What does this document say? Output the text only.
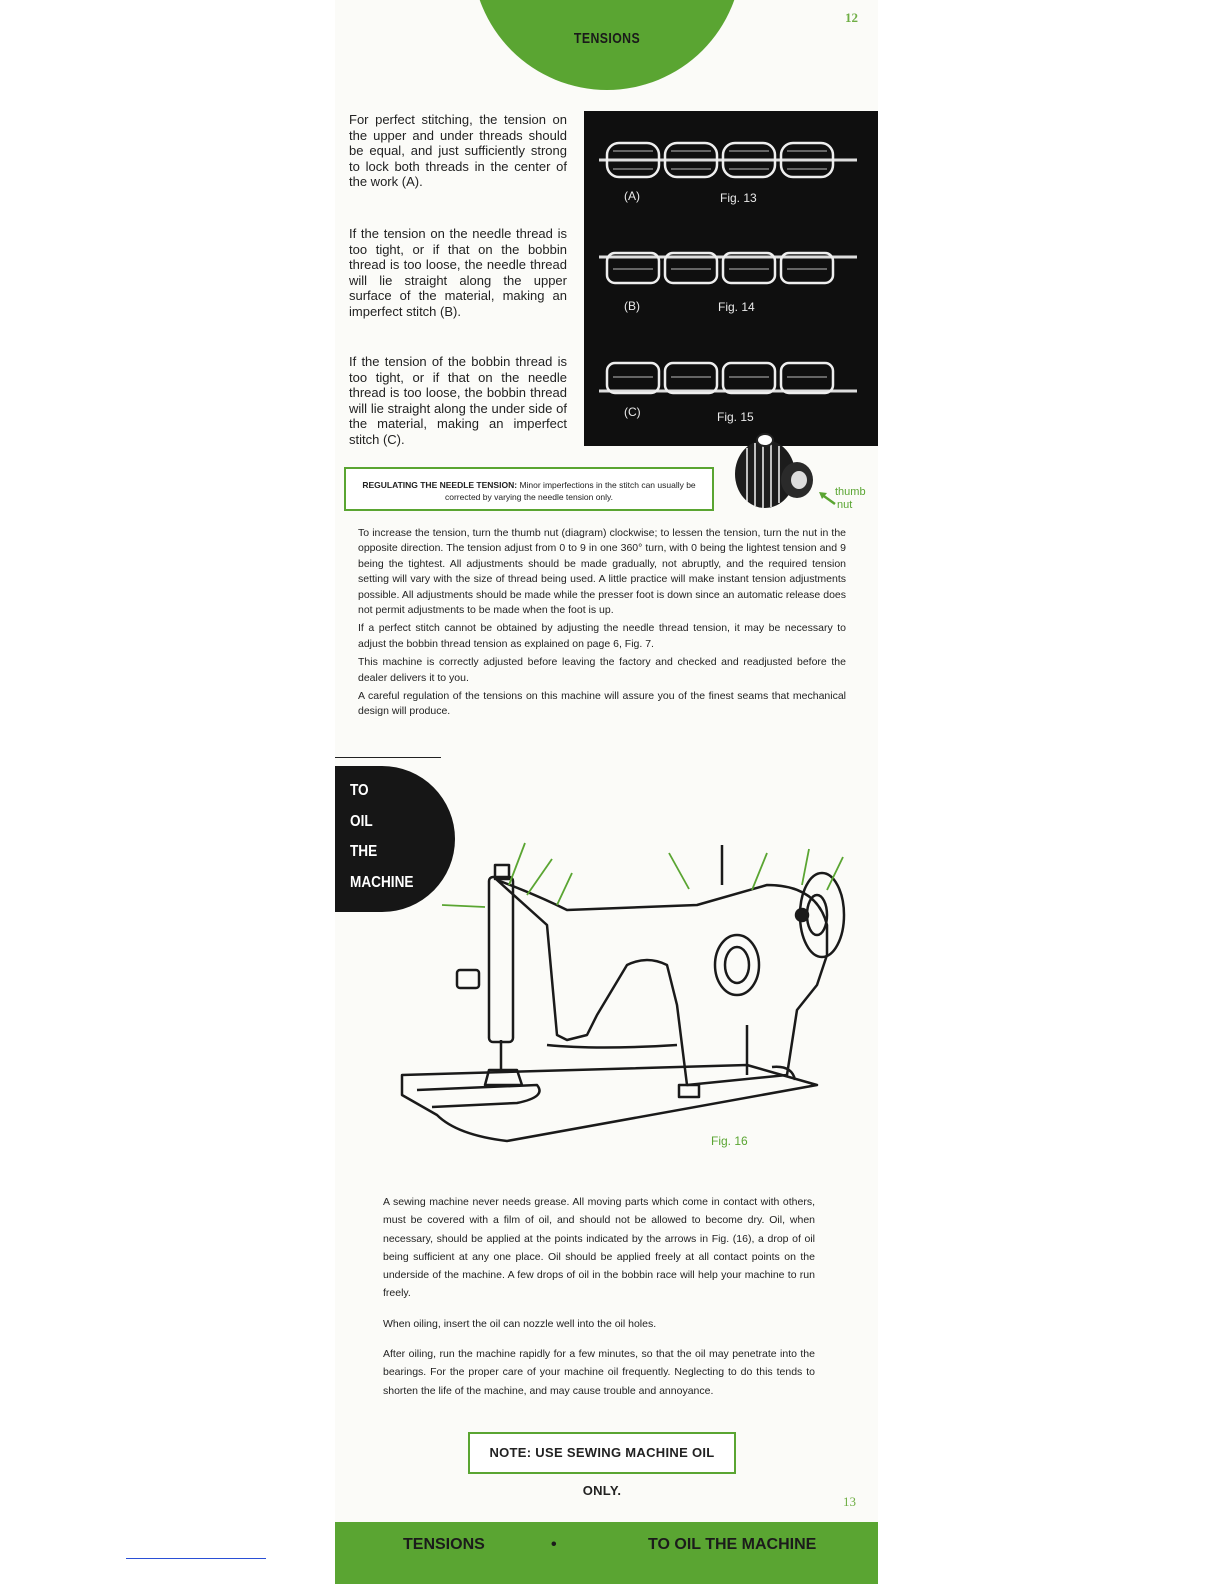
TENSIONS
12
For perfect stitching, the tension on the upper and under threads should be equal, and just sufficiently strong to lock both threads in the center of the work (A).
If the tension on the needle thread is too tight, or if that on the bobbin thread is too loose, the needle thread will lie straight along the upper surface of the material, making an imperfect stitch (B).
If the tension of the bobbin thread is too tight, or if that on the needle thread is too loose, the bobbin thread will lie straight along the under side of the material, making an imperfect stitch (C).
(A)	Fig. 13
(B)	Fig. 14
(C)	Fig. 15
REGULATING THE NEEDLE TENSION: Minor imperfections in the stitch can usually be corrected by varying the needle tension only.	thumb
nut

To increase the tension, turn the thumb nut (diagram) clockwise; to lessen the tension, turn the nut in the opposite direction. The tension adjust from 0 to 9 in one 360° turn, with 0 being the lightest tension and 9 being the tightest. All adjustments should be made gradually, not abruptly, and the required tension setting will vary with the size of thread being used. A little practice will make instant tension adjustments possible. All adjustments should be made while the presser foot is down since an automatic release does not permit adjustments to be made when the foot is up.

If a perfect stitch cannot be obtained by adjusting the needle thread tension, it may be necessary to adjust the bobbin thread tension as explained on page 6, Fig. 7.

This machine is correctly adjusted before leaving the factory and checked and readjusted before the dealer delivers it to you.

A careful regulation of the tensions on this machine will assure you of the finest seams that mechanical design will produce.

TO
OIL
THE
MACHINE
Fig. 16

A sewing machine never needs grease. All moving parts which come in contact with others, must be covered with a film of oil, and should not be allowed to become dry. Oil, when necessary, should be applied at the points indicated by the arrows in Fig. (16), a drop of oil being sufficient at any one place. Oil should be applied freely at all contact points on the underside of the machine. A few drops of oil in the bobbin race will help your machine to run freely.

When oiling, insert the oil can nozzle well into the oil holes.

After oiling, run the machine rapidly for a few minutes, so that the oil may penetrate into the bearings. For the proper care of your machine oil frequently. Neglecting to do this tends to shorten the life of the machine, and may cause trouble and annoyance.

NOTE: USE SEWING MACHINE OIL ONLY.
13
TENSIONS	•	TO OIL THE MACHINE
